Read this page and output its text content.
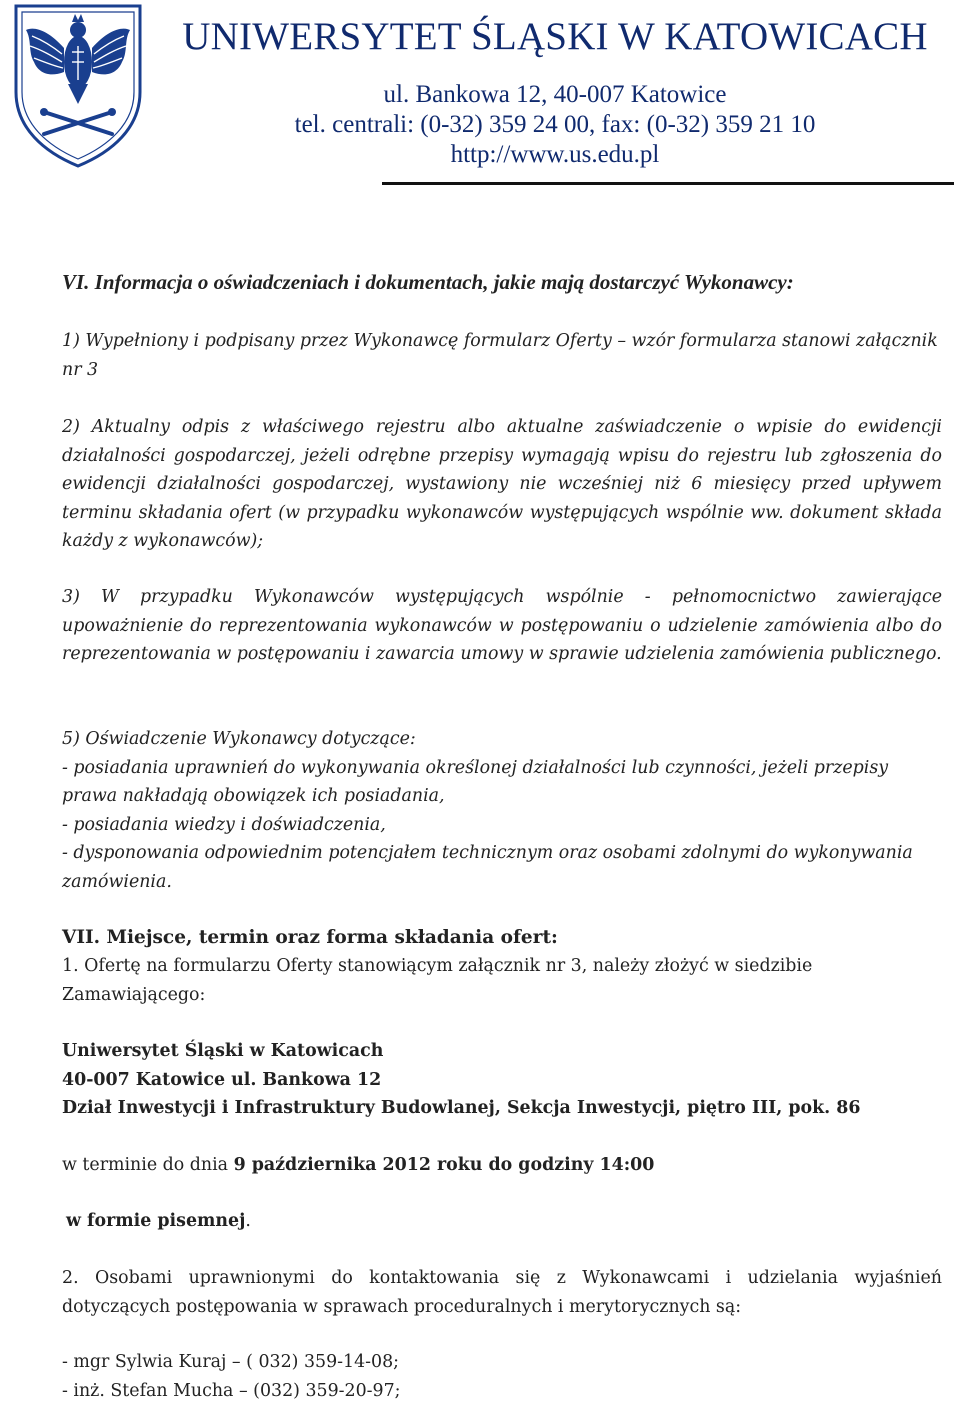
UNIWERSYTET ŚLĄSKI W KATOWICACH
ul. Bankowa 12, 40-007 Katowice
tel. centrali: (0-32) 359 24 00, fax: (0-32) 359 21 10
http://www.us.edu.pl
VI. Informacja o oświadczeniach i dokumentach, jakie mają dostarczyć Wykonawcy:
1) Wypełniony i podpisany przez Wykonawcę formularz Oferty – wzór formularza stanowi załącznik nr 3
2) Aktualny odpis z właściwego rejestru albo aktualne zaświadczenie o wpisie do ewidencji działalności gospodarczej, jeżeli odrębne przepisy wymagają wpisu do rejestru lub zgłoszenia do ewidencji działalności gospodarczej, wystawiony nie wcześniej niż 6 miesięcy przed upływem terminu składania ofert (w przypadku wykonawców występujących wspólnie ww. dokument składa każdy z wykonawców);
3) W przypadku Wykonawców występujących wspólnie - pełnomocnictwo zawierające upoważnienie do reprezentowania wykonawców w postępowaniu o udzielenie zamówienia albo do reprezentowania w postępowaniu i zawarcia umowy w sprawie udzielenia zamówienia publicznego.
5) Oświadczenie Wykonawcy dotyczące:
- posiadania uprawnień do wykonywania określonej działalności lub czynności, jeżeli przepisy prawa nakładają obowiązek ich posiadania,
- posiadania wiedzy i doświadczenia,
- dysponowania odpowiednim potencjałem technicznym oraz osobami zdolnymi do wykonywania zamówienia.
VII. Miejsce, termin oraz forma składania ofert:
1. Ofertę na formularzu Oferty stanowiącym załącznik nr 3, należy złożyć w siedzibie Zamawiającego:
Uniwersytet Śląski w Katowicach
40-007 Katowice ul. Bankowa 12
Dział Inwestycji i Infrastruktury Budowlanej, Sekcja Inwestycji, piętro III, pok. 86
w terminie do dnia 9 października 2012 roku do godziny 14:00
w formie pisemnej.
2. Osobami uprawnionymi do kontaktowania się z Wykonawcami i udzielania wyjaśnień dotyczących postępowania w sprawach proceduralnych i merytorycznych są:
- mgr Sylwia Kuraj – ( 032) 359-14-08;
- inż. Stefan Mucha – (032) 359-20-97;
